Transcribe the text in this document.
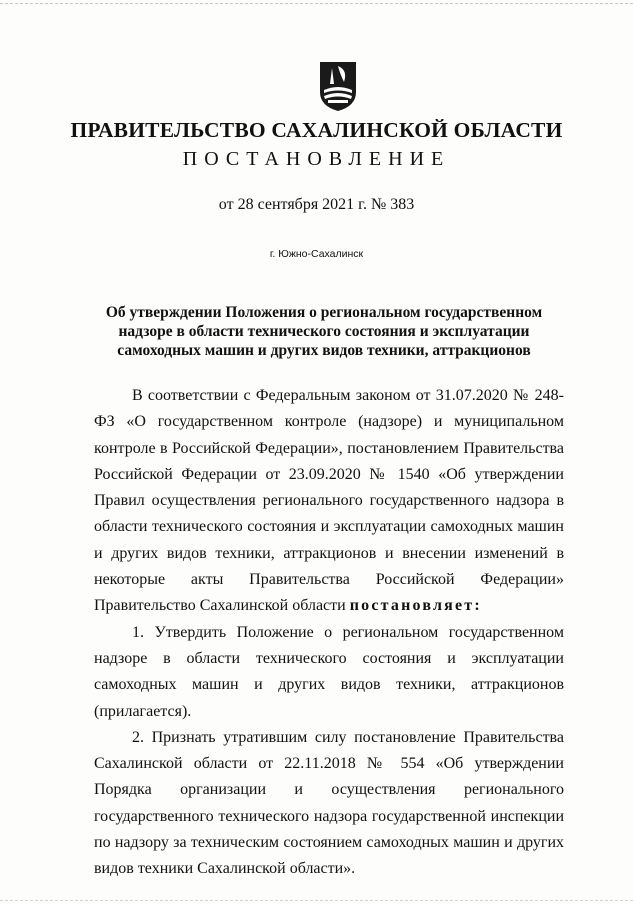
ПРАВИТЕЛЬСТВО САХАЛИНСКОЙ ОБЛАСТИ
ПОСТАНОВЛЕНИЕ
от 28 сентября 2021 г. № 383
г. Южно-Сахалинск
Об утверждении Положения о региональном государственном надзоре в области технического состояния и эксплуатации самоходных машин и других видов техники, аттракционов

В соответствии с Федеральным законом от 31.07.2020 № 248-ФЗ «О государственном контроле (надзоре) и муниципальном контроле в Российской Федерации», постановлением Правительства Российской Федерации от 23.09.2020 № 1540 «Об утверждении Правил осуществления регионального государственного надзора в области технического состояния и эксплуатации самоходных машин и других видов техники, аттракционов и внесении изменений в некоторые акты Правительства Российской Федерации» Правительство Сахалинской области постановляет:

1. Утвердить Положение о региональном государственном надзоре в области технического состояния и эксплуатации самоходных машин и других видов техники, аттракционов (прилагается).

2. Признать утратившим силу постановление Правительства Сахалинской области от 22.11.2018 № 554 «Об утверждении Порядка организации и осуществления регионального государственного технического надзора государственной инспекции по надзору за техническим состоянием самоходных машин и других видов техники Сахалинской области».
